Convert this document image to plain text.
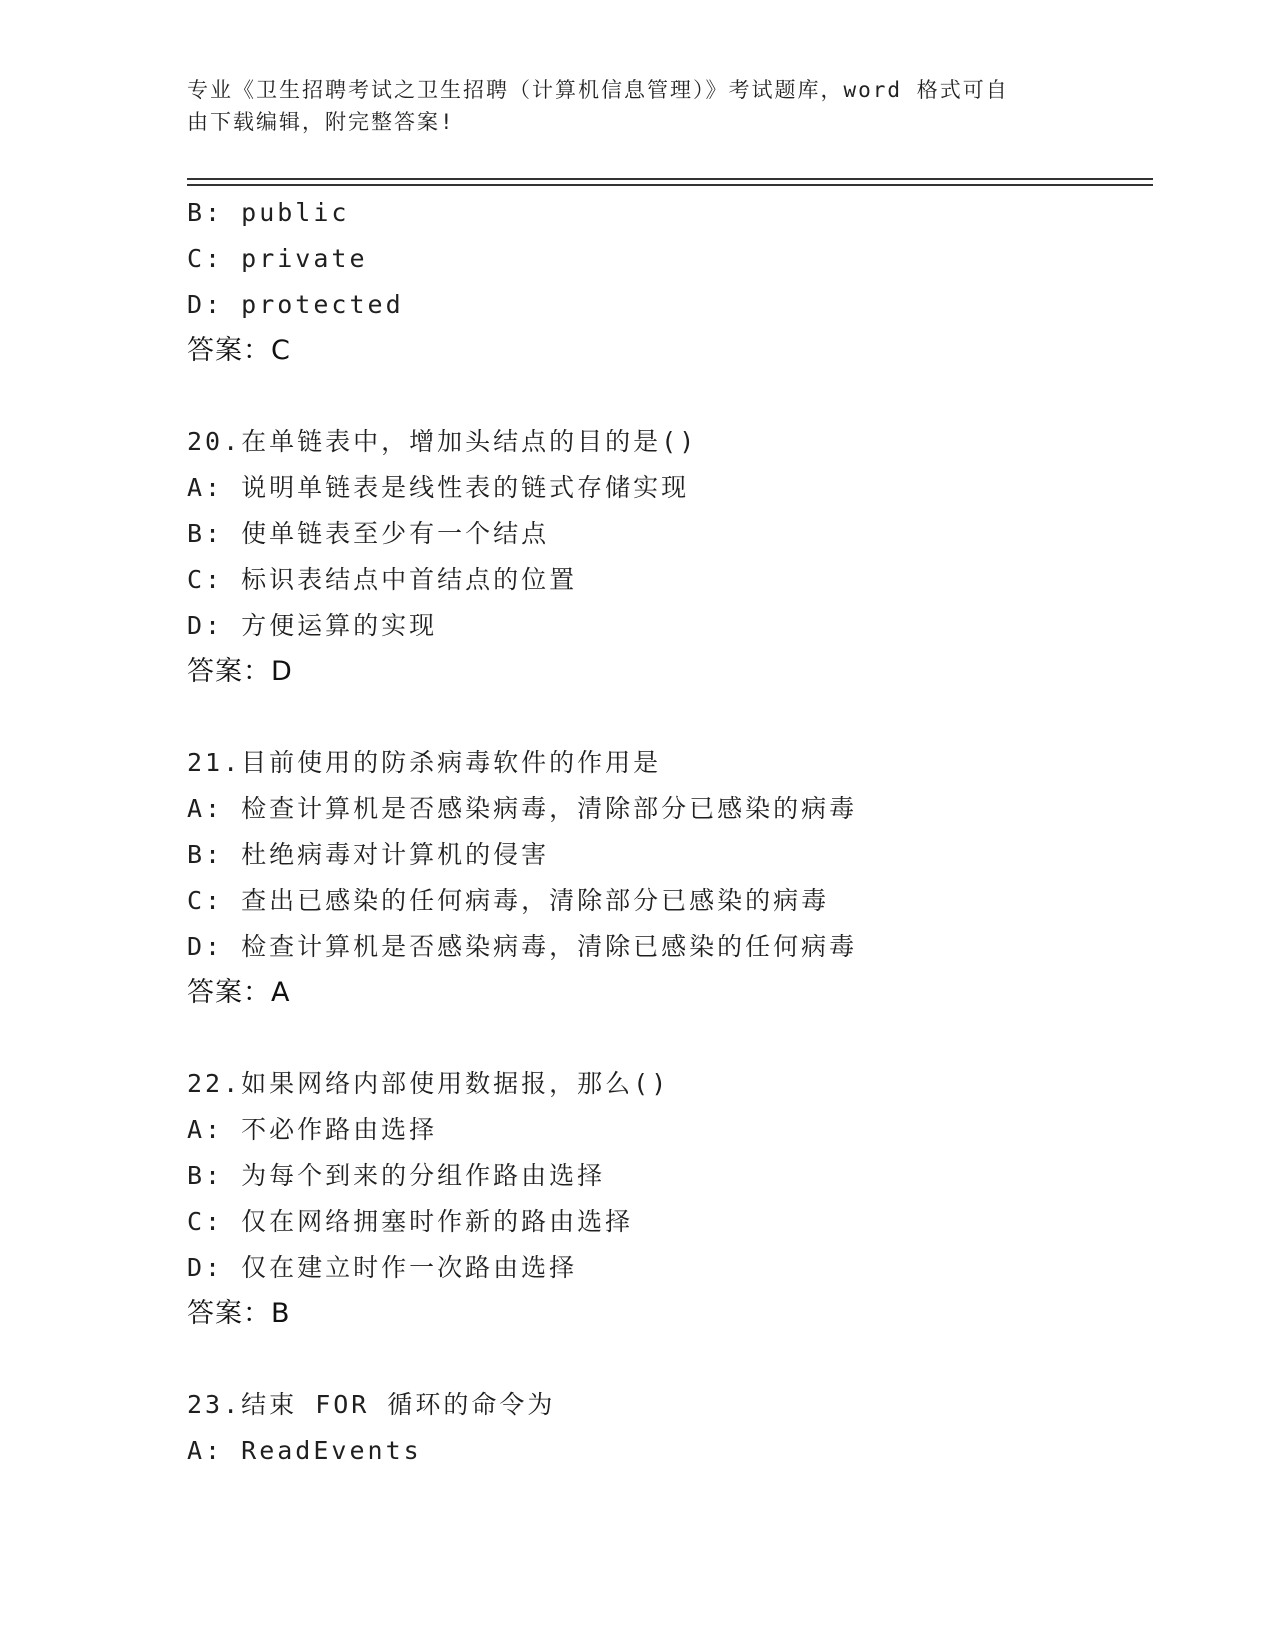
专业《卫生招聘考试之卫生招聘（计算机信息管理）》考试题库，word 格式可自
由下载编辑，附完整答案!
B: public
C: private
D: protected
答案：C
20.在单链表中，增加头结点的目的是()
A: 说明单链表是线性表的链式存储实现
B: 使单链表至少有一个结点
C: 标识表结点中首结点的位置
D: 方便运算的实现
答案：D
21.目前使用的防杀病毒软件的作用是
A: 检查计算机是否感染病毒，清除部分已感染的病毒
B: 杜绝病毒对计算机的侵害
C: 查出已感染的任何病毒，清除部分已感染的病毒
D: 检查计算机是否感染病毒，清除已感染的任何病毒
答案：A
22.如果网络内部使用数据报，那么()
A: 不必作路由选择
B: 为每个到来的分组作路由选择
C: 仅在网络拥塞时作新的路由选择
D: 仅在建立时作一次路由选择
答案：B
23.结束 FOR 循环的命令为
A: ReadEvents
